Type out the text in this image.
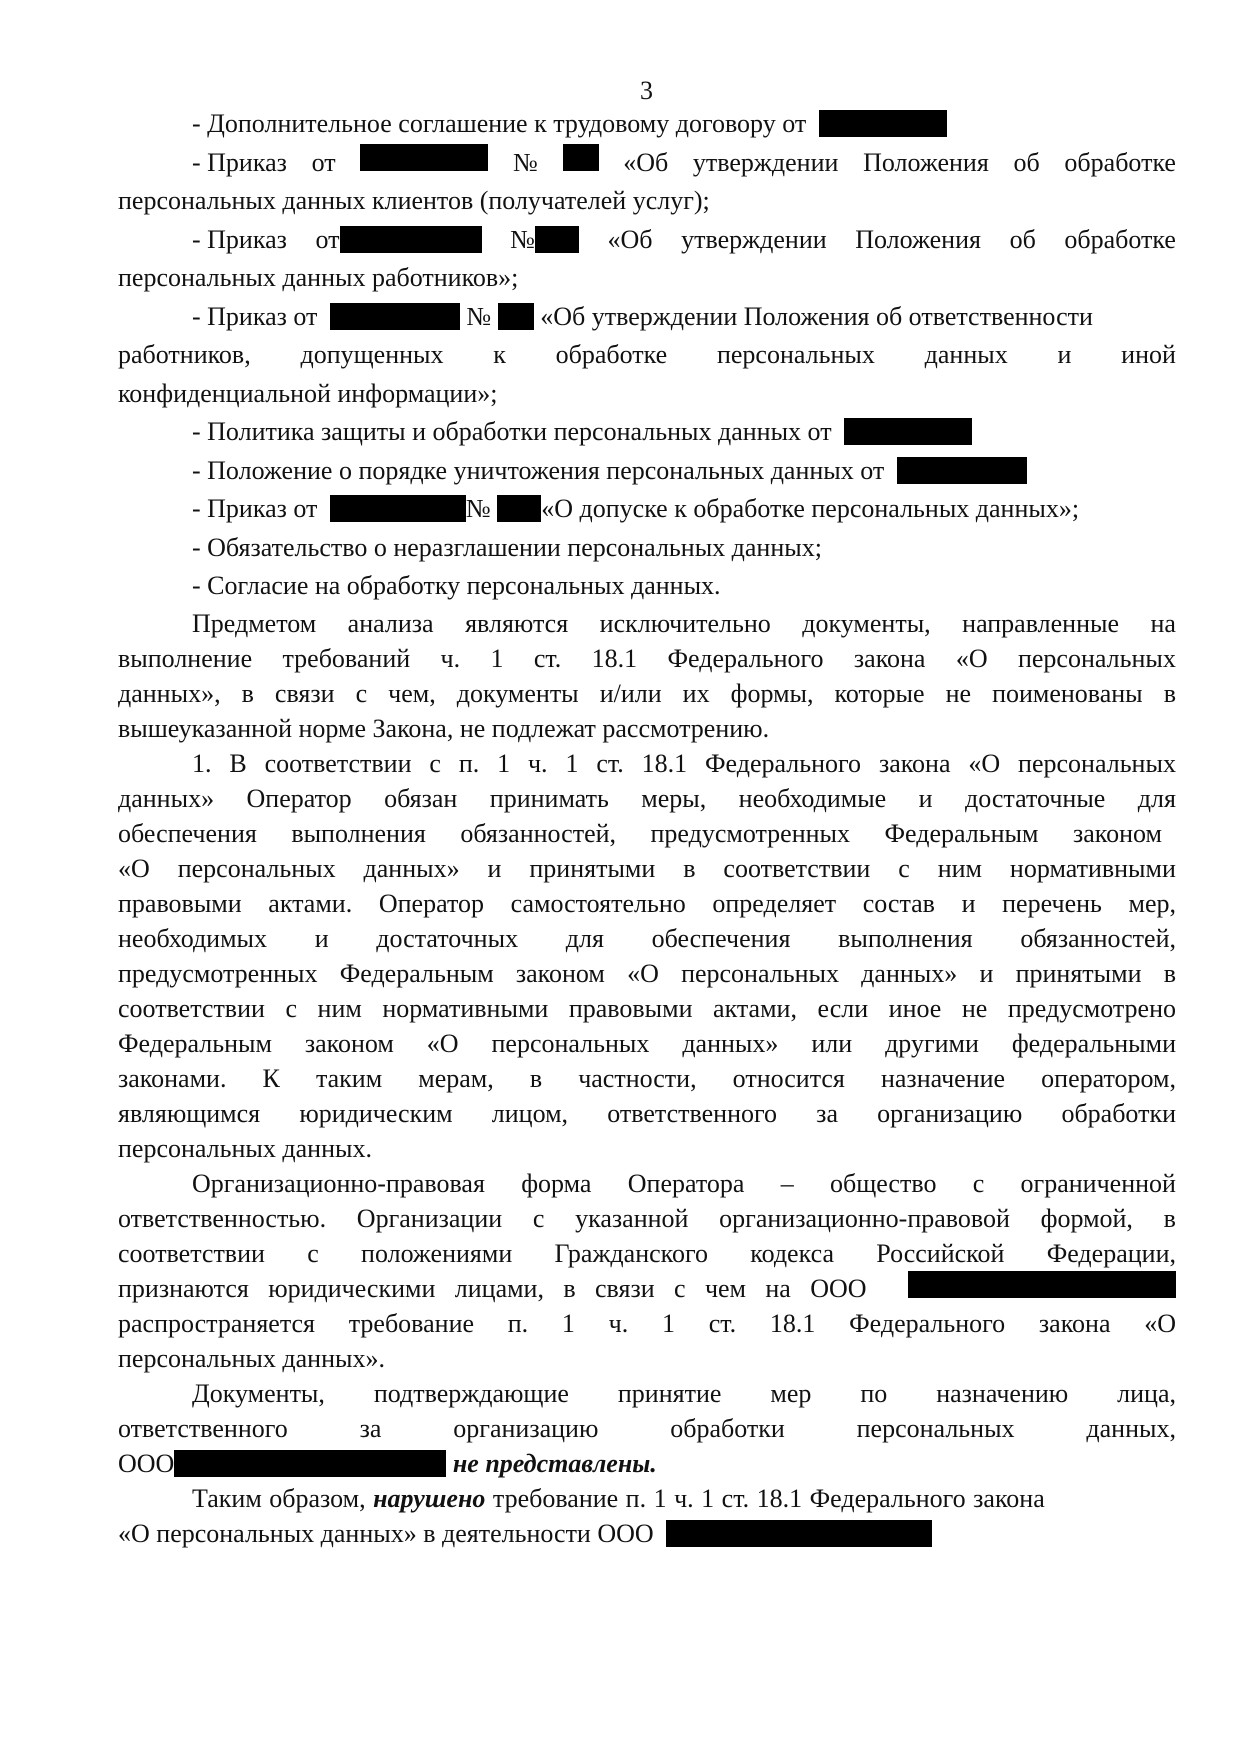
3
- Дополнительное соглашение к трудовому договору от
- Приказ от	№	«Об утверждении Положения об обработке
персональных данных клиентов (получателей услуг);
- Приказ от	№	«Об утверждении Положения об обработке
персональных данных работников»;
- Приказ от	№ «Об утверждении Положения об ответственности
работников, допущенных к обработке персональных данных и иной
конфиденциальной информации»;
- Политика защиты и обработки персональных данных от
- Положение о порядке уничтожения персональных данных от
- Приказ от	№ «О допуске к обработке персональных данных»;
- Обязательство о неразглашении персональных данных;
- Согласие на обработку персональных данных.
Предметом анализа являются исключительно документы, направленные на
выполнение требований ч. 1 ст. 18.1 Федерального закона «О персональных
данных», в связи с чем, документы и/или их формы, которые не поименованы в
вышеуказанной норме Закона, не подлежат рассмотрению.
1. В соответствии с п. 1 ч. 1 ст. 18.1 Федерального закона «О персональных
данных» Оператор обязан принимать меры, необходимые и достаточные для
обеспечения выполнения обязанностей, предусмотренных Федеральным законом
«О персональных данных» и принятыми в соответствии с ним нормативными
правовыми актами. Оператор самостоятельно определяет состав и перечень мер,
необходимых и достаточных для обеспечения выполнения обязанностей,
предусмотренных Федеральным законом «О персональных данных» и принятыми в
соответствии с ним нормативными правовыми актами, если иное не предусмотрено
Федеральным законом «О персональных данных» или другими федеральными
законами. К таким мерам, в частности, относится назначение оператором,
являющимся юридическим лицом, ответственного за организацию обработки
персональных данных.
Организационно-правовая форма Оператора – общество с ограниченной
ответственностью. Организации с указанной организационно-правовой формой, в
соответствии с положениями Гражданского кодекса Российской Федерации,
признаются юридическими лицами, в связи с чем на ООО
распространяется требование п. 1 ч. 1 ст. 18.1 Федерального закона «О
персональных данных».
Документы, подтверждающие принятие мер по назначению лица,
ответственного	за	организацию	обработки	персональных	данных,
ООО	не представлены.
Таким образом, нарушено требование п. 1 ч. 1 ст. 18.1 Федерального закона
«О персональных данных» в деятельности ООО
